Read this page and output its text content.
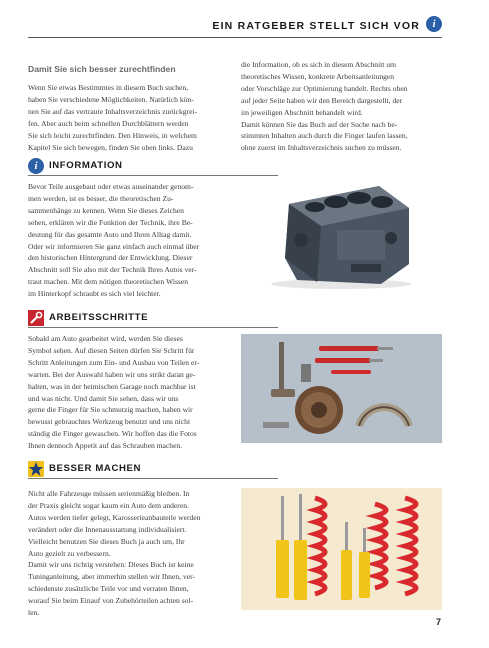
EIN RATGEBER STELLT SICH VOR	i
Damit Sie sich besser zurechtfinden
Wenn Sie etwas Bestimmtes in diesem Buch suchen,
haben Sie verschiedene Möglichkeiten. Natürlich kön-
nen Sie auf das vertraute Inhaltsverzeichnis zurückgrei-
fen. Aber auch beim schnellen Durchblättern werden
Sie sich leicht zurechtfinden. Den Hinweis, in welchem
Kapitel Sie sich bewegen, finden Sie oben links. Dazu
die Information, ob es sich in diesem Abschnitt um
theoretisches Wissen, konkrete Arbeitsanleitungen
oder Vorschläge zur Optimierung handelt. Rechts oben
auf jeder Seite haben wir den Bereich dargestellt, der
im jeweiligen Abschnitt behandelt wird.
Damit können Sie das Buch auf der Suche nach be-
stimmten Inhalten auch durch die Finger laufen lassen,
ohne zuerst im Inhaltsverzeichnis suchen zu müssen.
i	INFORMATION
Bevor Teile ausgebaut oder etwas auseinander genom-
men werden, ist es besser, die theoretischen Zu-
sammenhänge zu kennen. Wenn Sie dieses Zeichen
sehen, erklären wir die Funktion der Technik, ihre Be-
deutung für das gesamte Auto und Ihren Alltag damit.
Oder wir informieren Sie ganz einfach auch einmal über
den historischen Hintergrund der Entwicklung. Dieser
Abschnitt soll Sie also mit der Technik Ihres Autos ver-
traut machen. Mit dem nötigen theoretischen Wissen
im Hinterkopf schraubt es sich viel leichter.
ARBEITSSCHRITTE
Sobald am Auto gearbeitet wird, werden Sie dieses
Symbol sehen. Auf diesen Seiten dürfen Sie Schritt für
Schritt Anleitungen zum Ein- und Ausbau von Teilen er-
warten. Bei der Auswahl haben wir uns strikt daran ge-
halten, was in der heimischen Garage noch machbar ist
und was nicht. Und damit Sie sehen, dass wir uns
gerne die Finger für Sie schmutzig machen, haben wir
bewusst gebrauchtes Werkzeug benutzt und uns nicht
ständig die Finger gewaschen. Wir hoffen das die Fotos
Ihnen dennoch Appetit auf das Schrauben machen.
BESSER MACHEN
Nicht alle Fahrzeuge müssen serienmäßig bleiben. In
der Praxis gleicht sogar kaum ein Auto dem anderen.
Autos werden tiefer gelegt, Karosserieanbauteile werden
verändert oder die Innenausstattung individualisiert.
Vielleicht benutzen Sie dieses Buch ja auch um, Ihr
Auto gezielt zu verbessern.
Damit wir uns richtig verstehen: Dieses Buch ist keine
Tuninganleitung, aber immerhin stellen wir Ihnen, ver-
schiedenste zusätzliche Teile vor und verraten Ihnen,
worauf Sie beim Einauf von Zubehörteilen achten sol-
len.
7
